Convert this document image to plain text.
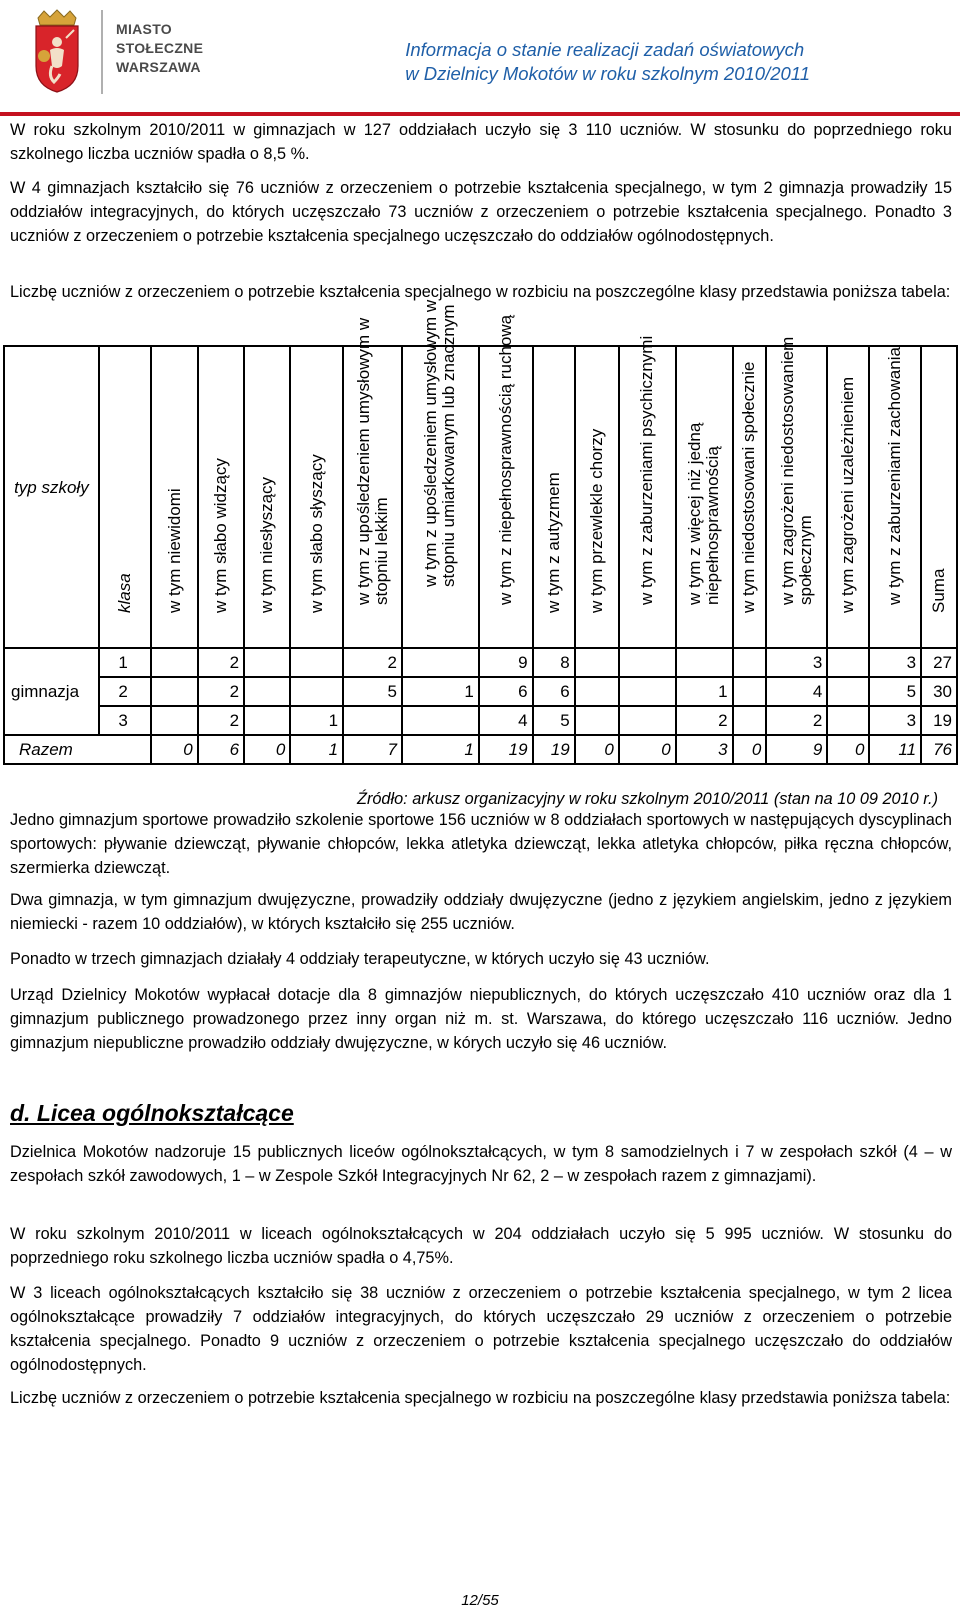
MIASTO
STOŁECZNE
WARSZAWA
Informacja o stanie realizacji zadań oświatowych
w Dzielnicy Mokotów w roku szkolnym 2010/2011
W roku szkolnym 2010/2011 w gimnazjach w 127 oddziałach uczyło się 3 110 uczniów. W stosunku do poprzedniego roku szkolnego liczba uczniów spadła o 8,5 %.
W 4 gimnazjach kształciło się 76 uczniów z orzeczeniem o potrzebie kształcenia specjalnego, w tym 2 gimnazja prowadziły 15 oddziałów integracyjnych, do których uczęszczało 73 uczniów z orzeczeniem o potrzebie kształcenia specjalnego. Ponadto 3 uczniów z orzeczeniem o potrzebie kształcenia specjalnego uczęszczało do oddziałów ogólnodostępnych.
Liczbę uczniów z orzeczeniem o potrzebie kształcenia specjalnego w rozbiciu na poszczególne klasy przedstawia poniższa tabela:
typ szkoły	klasa	w tym niewidomi	w tym słabo widzący	w tym niesłyszący	w tym słabo słyszący	w tym z upośledzeniem umysłowym w stopniu lekkim	w tym z upośledzeniem umysłowym w stopniu umiarkowanym lub znacznym	w tym z niepełnosprawnością ruchową	w tym z autyzmem	w tym przewlekle chorzy	w tym z zaburzeniami psychicznymi	w tym z więcej niż jedną niepełnosprawnością	w tym niedostosowani społecznie	w tym zagrożeni niedostosowaniem społecznym	w tym zagrożeni uzależnieniem	w tym z zaburzeniami zachowania	Suma

gimnazja	1		2			2		9	8					3		3	27
	2		2			5	1	6	6			1		4		5	30
	3		2		1			4	5			2		2		3	19
Razem		0	6	0	1	7	1	19	19	0	0	3	0	9	0	11	76
Źródło: arkusz organizacyjny w roku szkolnym 2010/2011 (stan na 10 09 2010 r.)
Jedno gimnazjum sportowe prowadziło szkolenie sportowe 156 uczniów w 8 oddziałach sportowych w następujących dyscyplinach sportowych: pływanie dziewcząt, pływanie chłopców, lekka atletyka dziewcząt, lekka atletyka chłopców, piłka ręczna chłopców, szermierka dziewcząt.
Dwa gimnazja, w tym gimnazjum dwujęzyczne, prowadziły oddziały dwujęzyczne (jedno z językiem angielskim, jedno z językiem niemiecki - razem 10 oddziałów), w których kształciło się 255 uczniów.
Ponadto w trzech gimnazjach działały 4 oddziały terapeutyczne, w których uczyło się 43 uczniów.
Urząd Dzielnicy Mokotów wypłacał dotacje dla 8 gimnazjów niepublicznych, do których uczęszczało 410 uczniów oraz dla 1 gimnazjum publicznego prowadzonego przez inny organ niż m. st. Warszawa, do którego uczęszczało 116 uczniów. Jedno gimnazjum niepubliczne prowadziło oddziały dwujęzyczne, w kórych uczyło się 46 uczniów.
d. Licea ogólnokształcące
Dzielnica Mokotów nadzoruje 15 publicznych liceów ogólnokształcących, w tym 8 samodzielnych i 7 w zespołach szkół (4 – w zespołach szkół zawodowych, 1 – w Zespole Szkół Integracyjnych Nr 62, 2 – w zespołach razem z gimnazjami).
W roku szkolnym 2010/2011 w liceach ogólnokształcących w 204 oddziałach uczyło się 5 995 uczniów. W stosunku do poprzedniego roku szkolnego liczba uczniów spadła o 4,75%.
W 3 liceach ogólnokształcących kształciło się 38 uczniów z orzeczeniem o potrzebie kształcenia specjalnego, w tym 2 licea ogólnokształcące prowadziły 7 oddziałów integracyjnych, do których uczęszczało 29 uczniów z orzeczeniem o potrzebie kształcenia specjalnego. Ponadto 9 uczniów z orzeczeniem o potrzebie kształcenia specjalnego uczęszczało do oddziałów ogólnodostępnych.
Liczbę uczniów z orzeczeniem o potrzebie kształcenia specjalnego w rozbiciu na poszczególne klasy przedstawia poniższa tabela:
12/55
